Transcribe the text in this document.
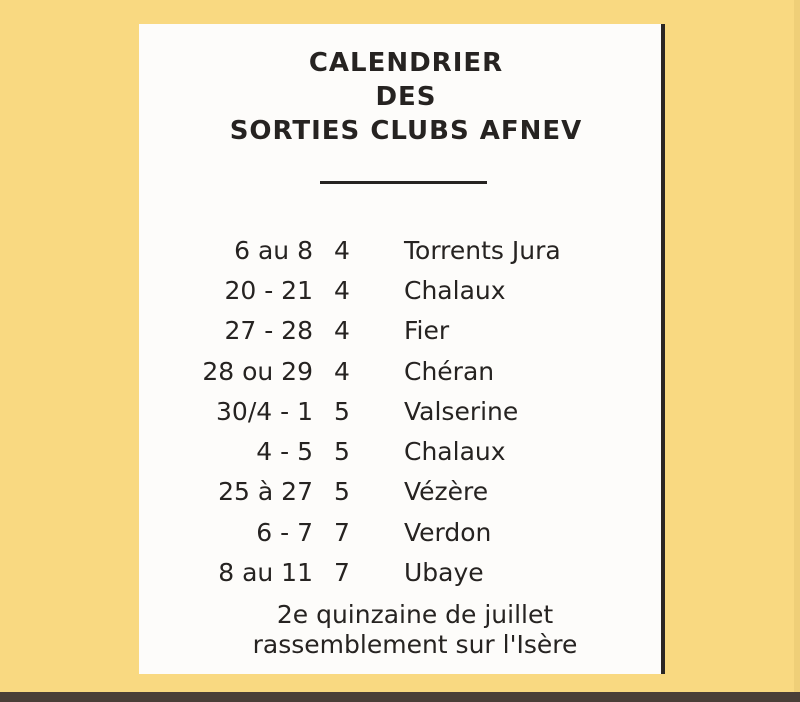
CALENDRIER
DES
SORTIES CLUBS AFNEV
6 au 8 4 Torrents Jura
20 - 21 4 Chalaux
27 - 28 4 Fier
28 ou 29 4 Chéran
30/4 - 1 5 Valserine
4 - 5 5 Chalaux
25 à 27 5 Vézère
6 - 7 7 Verdon
8 au 11 7 Ubaye
2e quinzaine de juillet
rassemblement sur l'Isère
